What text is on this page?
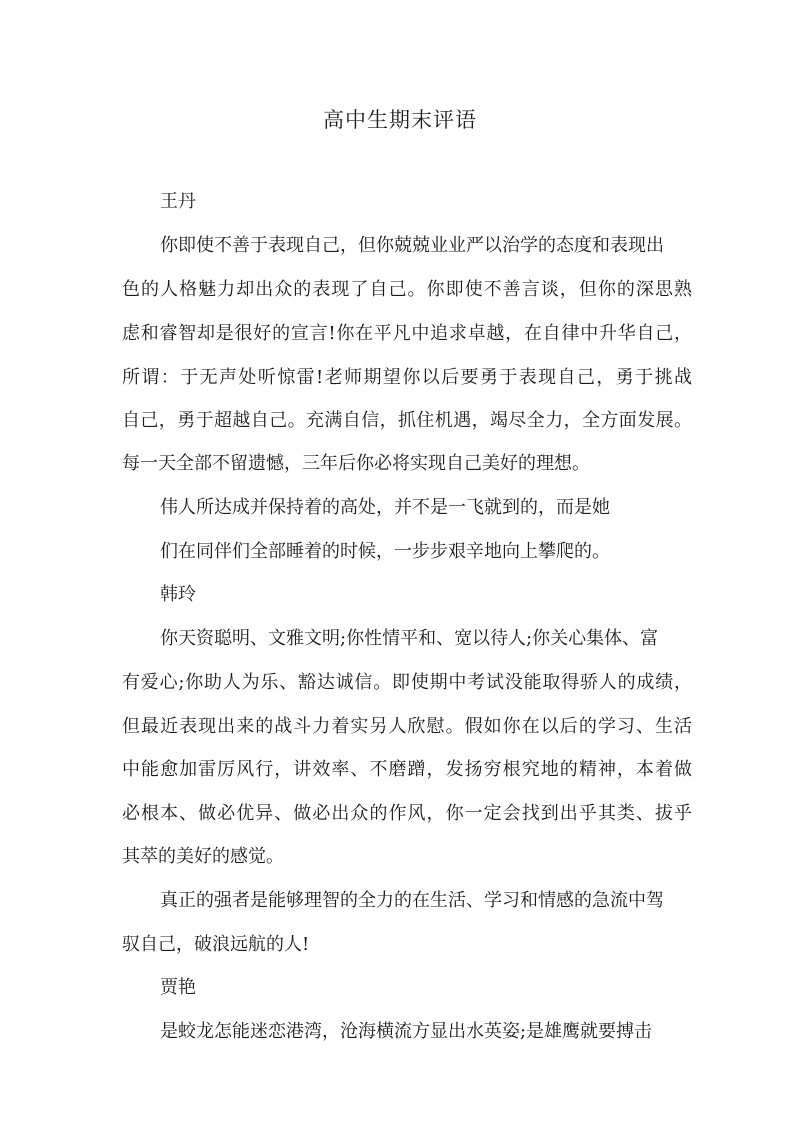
高中生期末评语

王丹

你即使不善于表现自己，但你兢兢业业严以治学的态度和表现出

色的人格魅力却出众的表现了自己。你即使不善言谈，但你的深思熟

虑和睿智却是很好的宣言!你在平凡中追求卓越，在自律中升华自己，

所谓：于无声处听惊雷!老师期望你以后要勇于表现自己，勇于挑战

自己，勇于超越自己。充满自信，抓住机遇，竭尽全力，全方面发展。

每一天全部不留遗憾，三年后你必将实现自己美好的理想。

伟人所达成并保持着的高处，并不是一飞就到的，而是她

们在同伴们全部睡着的时候，一步步艰辛地向上攀爬的。

韩玲

你天资聪明、文雅文明;你性情平和、宽以待人;你关心集体、富

有爱心;你助人为乐、豁达诚信。即使期中考试没能取得骄人的成绩，

但最近表现出来的战斗力着实另人欣慰。假如你在以后的学习、生活

中能愈加雷厉风行，讲效率、不磨蹭，发扬穷根究地的精神，本着做

必根本、做必优异、做必出众的作风，你一定会找到出乎其类、拔乎

其萃的美好的感觉。

真正的强者是能够理智的全力的在生活、学习和情感的急流中驾

驭自己，破浪远航的人!

贾艳

是蛟龙怎能迷恋港湾，沧海横流方显出水英姿;是雄鹰就要搏击
